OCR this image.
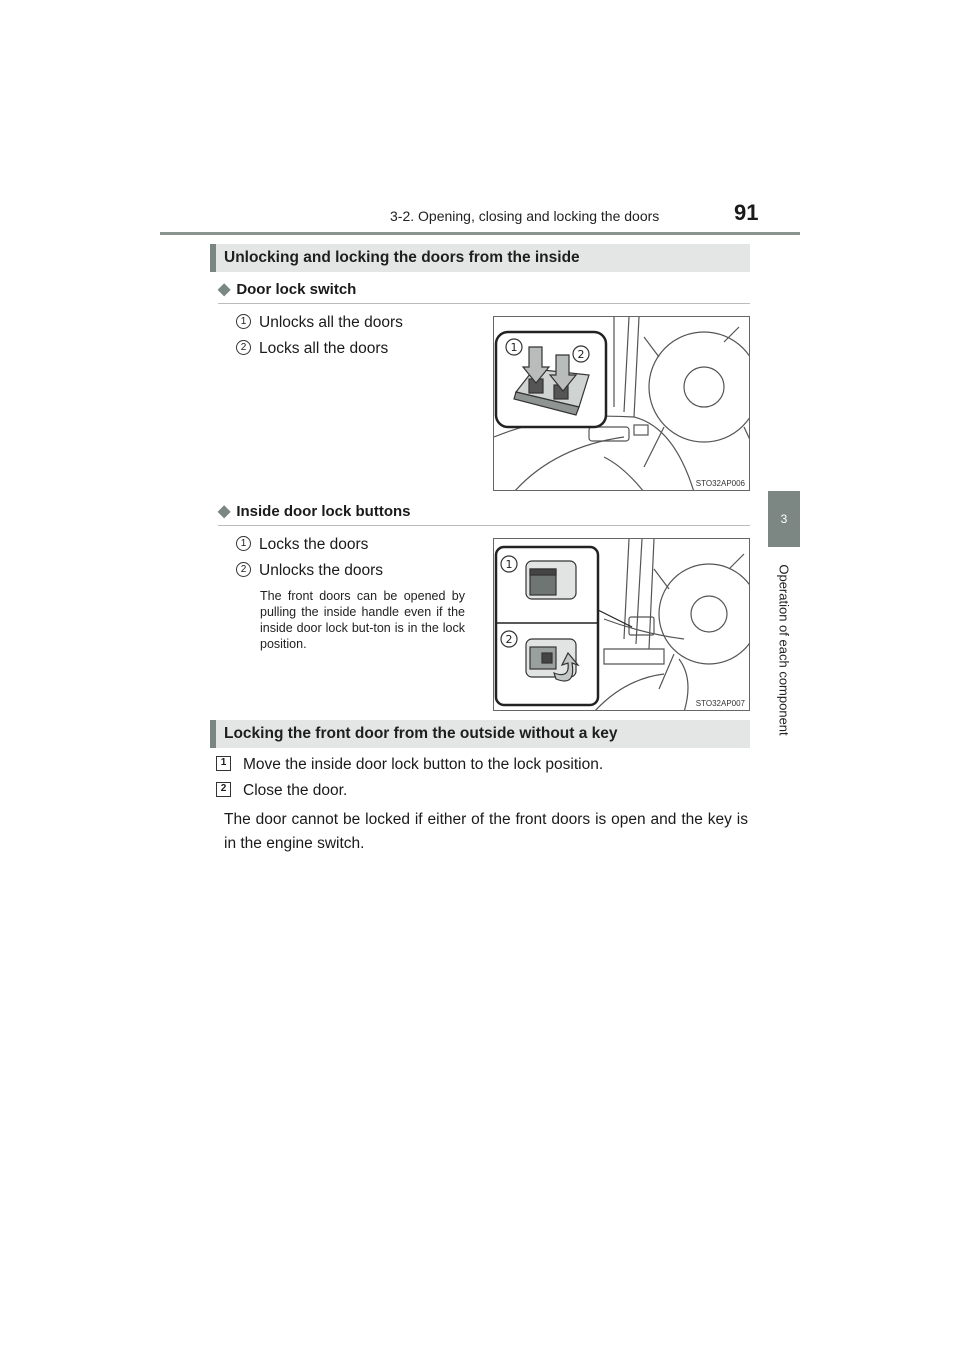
3-2. Opening, closing and locking the doors	91
3
Operation of each component
Unlocking and locking the doors from the inside
◆ Door lock switch
1 Unlocks all the doors
2 Locks all the doors	1
2
STO32AP006
◆ Inside door lock buttons
1 Locks the doors
2 Unlocks the doors
The front doors can be opened by pulling the inside handle even if the inside door lock but-ton is in the lock position.
1
2
STO32AP007
Locking the front door from the outside without a key
1	Move the inside door lock button to the lock position.
2	Close the door.
The door cannot be locked if either of the front doors is open and the key is in the engine switch.
